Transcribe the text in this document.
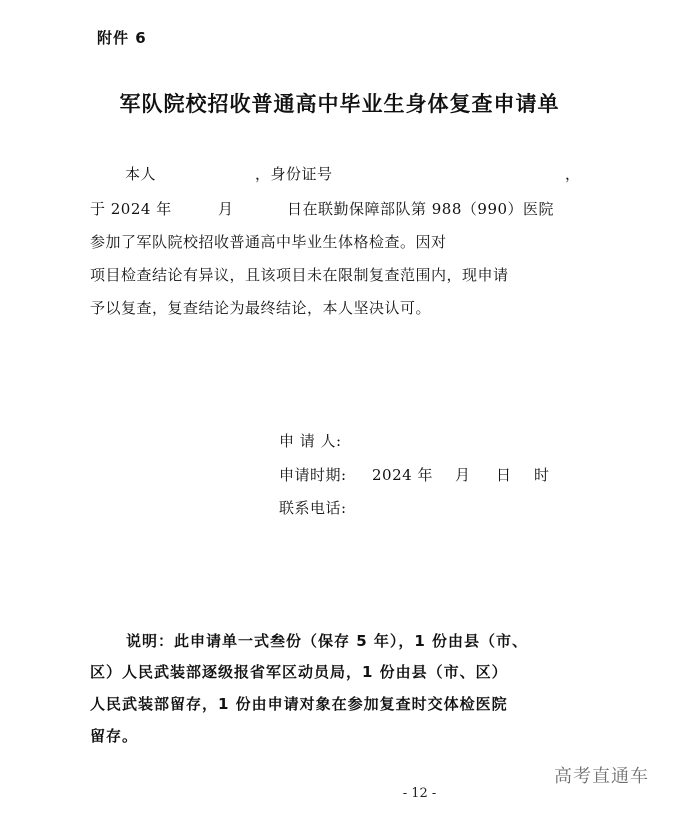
附件 6
军队院校招收普通高中毕业生身体复查申请单
本人	，身份证号	，
于 2024 年	月	日在联勤保障部队第 988（990）医院
参加了军队院校招收普通高中毕业生体格检查。因对
项目检查结论有异议，且该项目未在限制复查范围内，现申请
予以复查，复查结论为最终结论，本人坚决认可。
申 请 人:
申请时期: 2024 年 月 日 时
联系电话:
说明：此申请单一式叁份（保存 5 年），1 份由县（市、
区）人民武装部逐级报省军区动员局，1 份由县（市、区）
人民武装部留存，1 份由申请对象在参加复查时交体检医院
留存。
高考直通车
- 12 -
